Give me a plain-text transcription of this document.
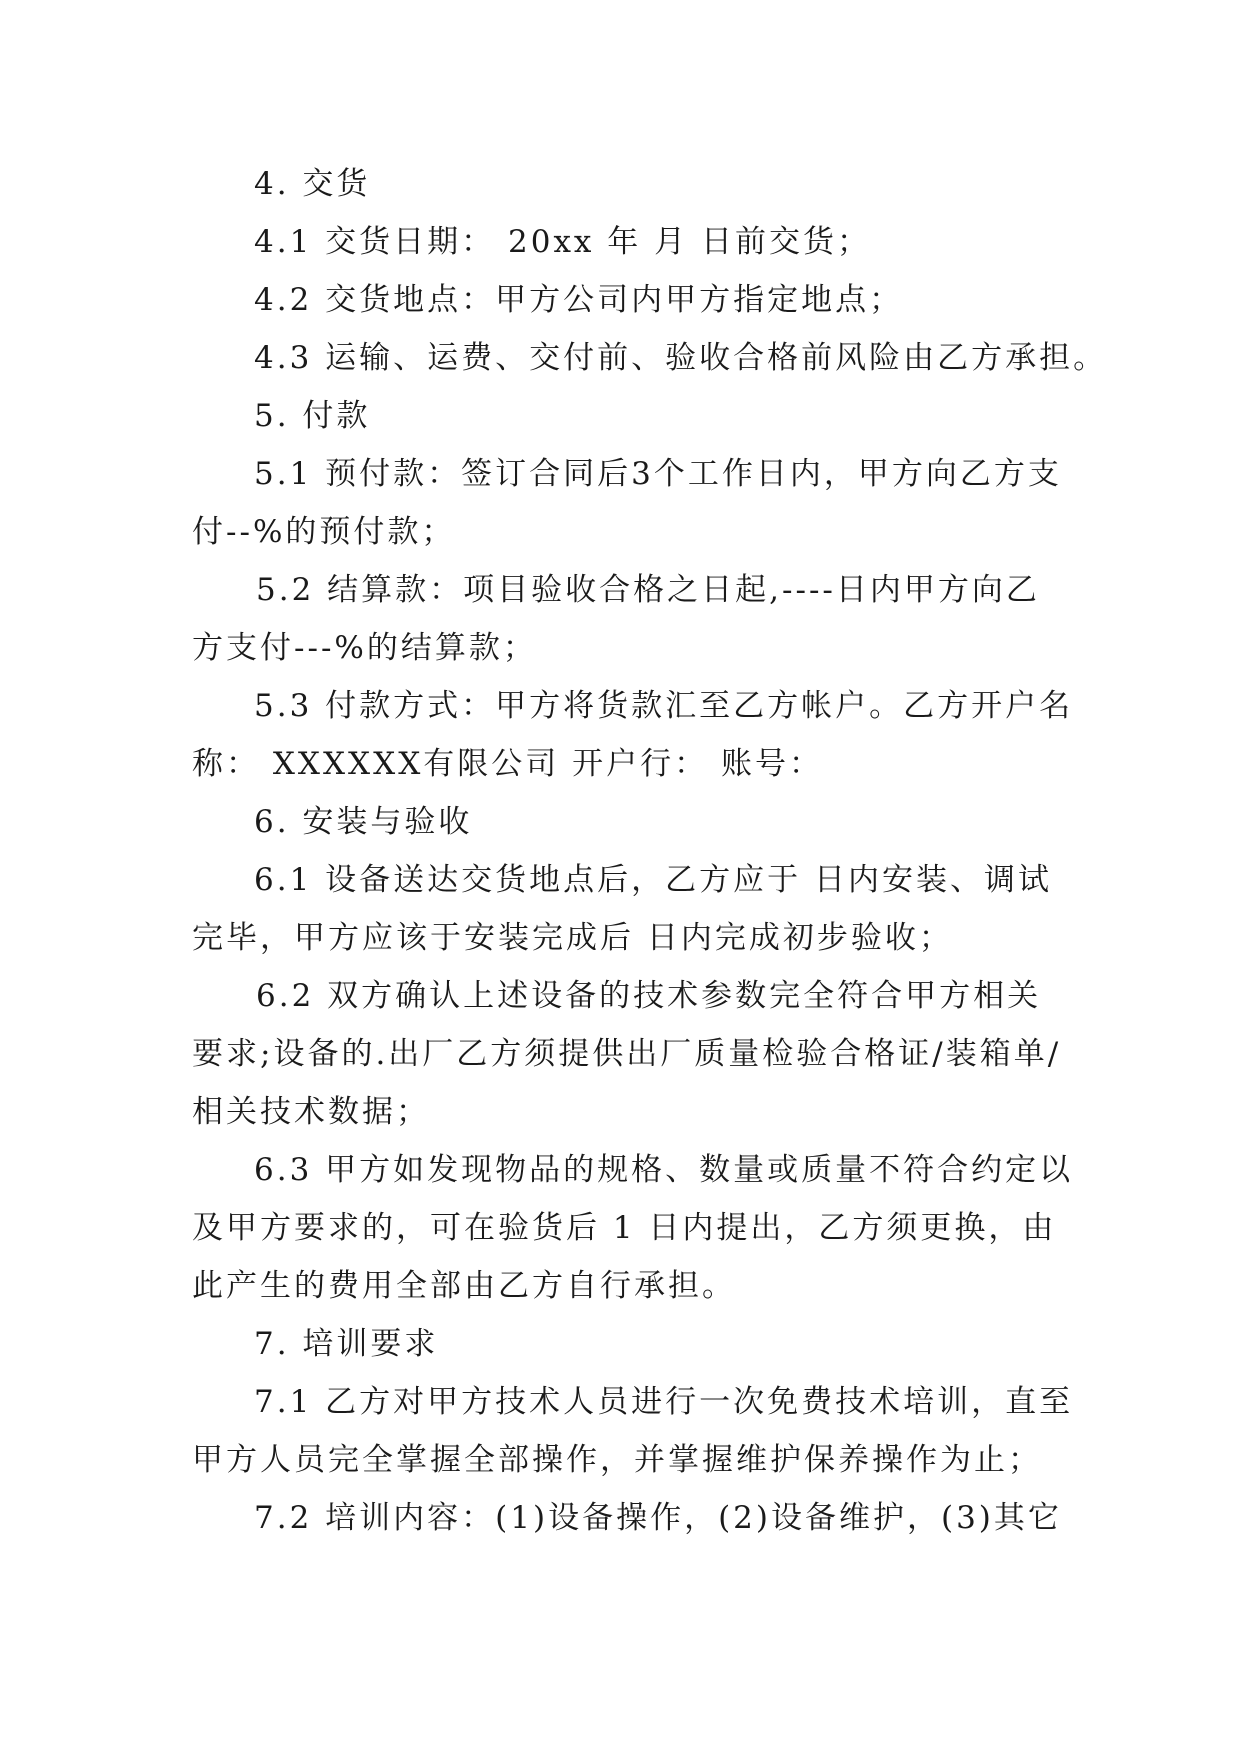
4. 交货
4.1 交货日期： 20xx 年 月 日前交货；
4.2 交货地点：甲方公司内甲方指定地点；
4.3 运输、运费、交付前、验收合格前风险由乙方承担。
5. 付款
5.1 预付款：签订合同后3个工作日内，甲方向乙方支
付--%的预付款；
5.2 结算款：项目验收合格之日起,----日内甲方向乙
方支付---%的结算款；
5.3 付款方式：甲方将货款汇至乙方帐户。乙方开户名
称： XXXXXX有限公司 开户行： 账号：
6. 安装与验收
6.1 设备送达交货地点后，乙方应于 日内安装、调试
完毕，甲方应该于安装完成后 日内完成初步验收；
6.2 双方确认上述设备的技术参数完全符合甲方相关
要求;设备的.出厂乙方须提供出厂质量检验合格证/装箱单/
相关技术数据；
6.3 甲方如发现物品的规格、数量或质量不符合约定以
及甲方要求的，可在验货后 1 日内提出，乙方须更换，由
此产生的费用全部由乙方自行承担。
7. 培训要求
7.1 乙方对甲方技术人员进行一次免费技术培训，直至
甲方人员完全掌握全部操作，并掌握维护保养操作为止；
7.2 培训内容：(1)设备操作，(2)设备维护，(3)其它
